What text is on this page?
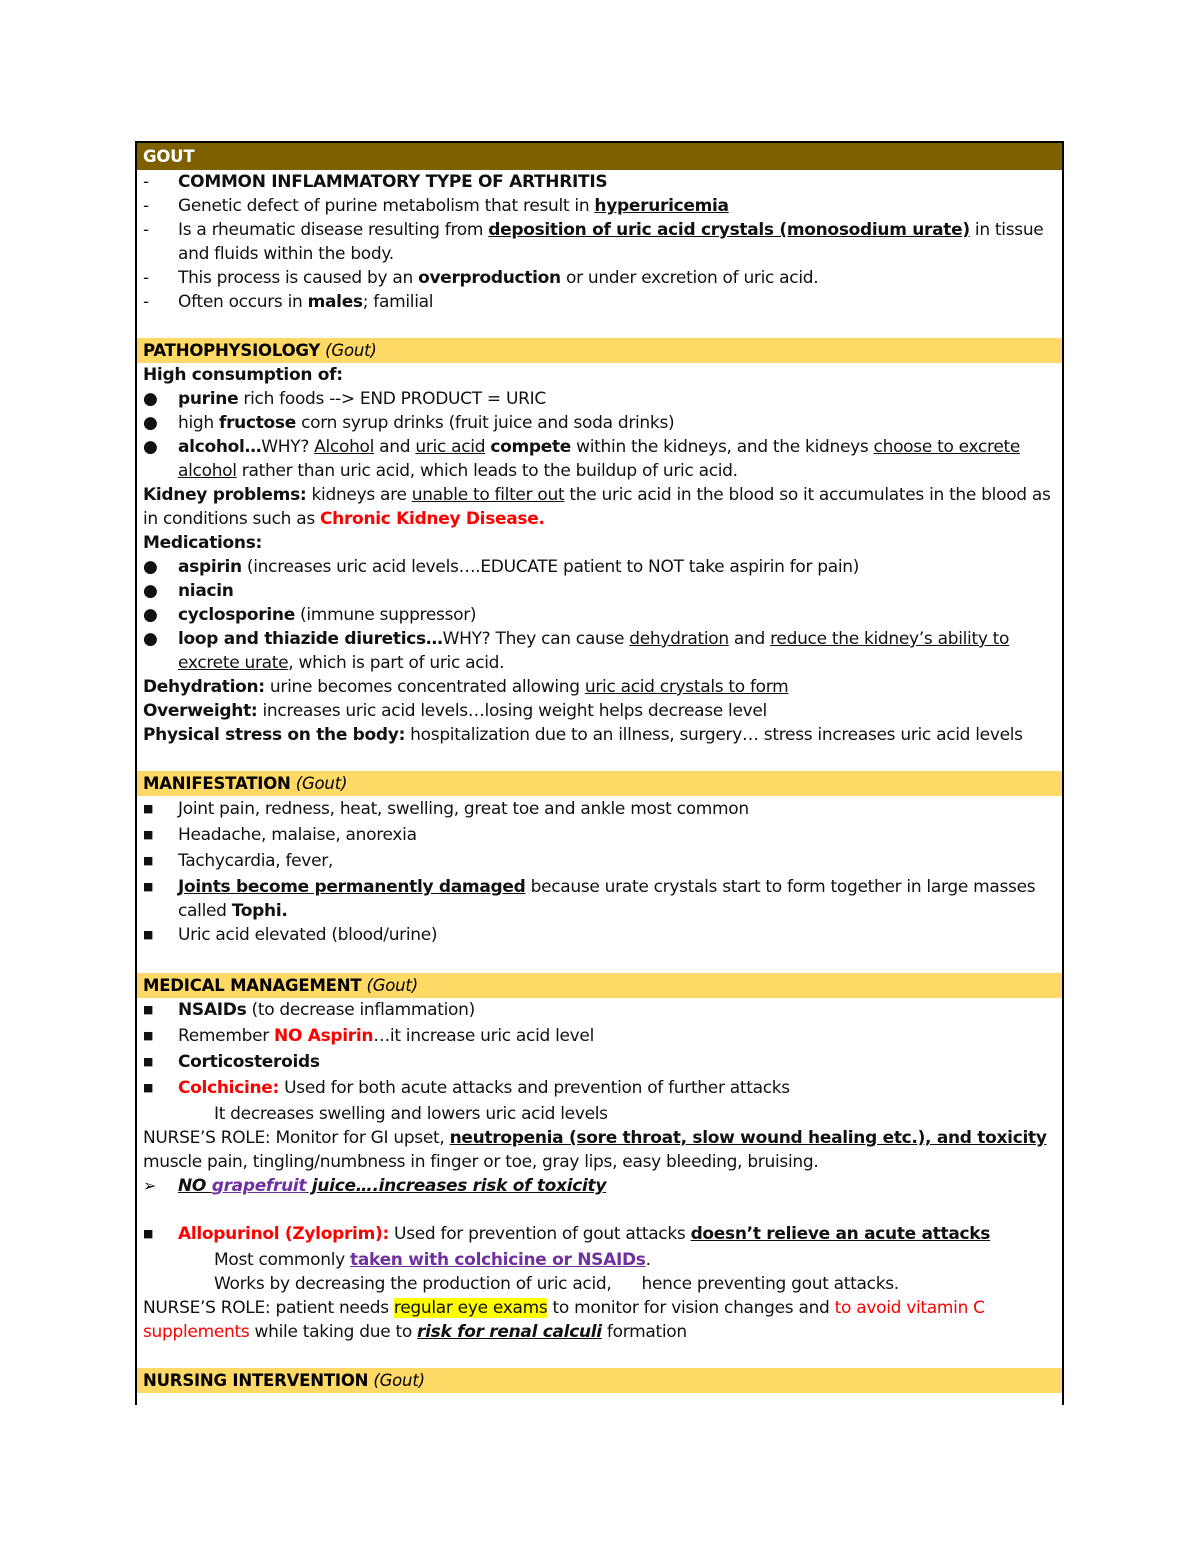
GOUT
-	COMMON INFLAMMATORY TYPE OF ARTHRITIS
-	Genetic defect of purine metabolism that result in hyperuricemia
-	Is a rheumatic disease resulting from deposition of uric acid crystals (monosodium urate) in tissue and fluids within the body.
-	This process is caused by an overproduction or under excretion of uric acid.
-	Often occurs in males; familial
PATHOPHYSIOLOGY (Gout)
High consumption of:
●	purine rich foods --> END PRODUCT = URIC
●	high fructose corn syrup drinks (fruit juice and soda drinks)
●	alcohol…WHY? Alcohol and uric acid compete within the kidneys, and the kidneys choose to excrete alcohol rather than uric acid, which leads to the buildup of uric acid.
Kidney problems: kidneys are unable to filter out the uric acid in the blood so it accumulates in the blood as in conditions such as Chronic Kidney Disease.
Medications:
●	aspirin (increases uric acid levels….EDUCATE patient to NOT take aspirin for pain)
●	niacin
●	cyclosporine (immune suppressor)
●	loop and thiazide diuretics…WHY? They can cause dehydration and reduce the kidney’s ability to excrete urate, which is part of uric acid.
Dehydration: urine becomes concentrated allowing uric acid crystals to form
Overweight: increases uric acid levels…losing weight helps decrease level
Physical stress on the body: hospitalization due to an illness, surgery… stress increases uric acid levels
MANIFESTATION (Gout)
■	Joint pain, redness, heat, swelling, great toe and ankle most common
■	Headache, malaise, anorexia
■	Tachycardia, fever,
■	Joints become permanently damaged because urate crystals start to form together in large masses called Tophi.
■	Uric acid elevated (blood/urine)
MEDICAL MANAGEMENT (Gout)
■	NSAIDs (to decrease inflammation)
■	Remember NO Aspirin…it increase uric acid level
■	Corticosteroids
■	Colchicine: Used for both acute attacks and prevention of further attacks
It decreases swelling and lowers uric acid levels
NURSE’S ROLE: Monitor for GI upset, neutropenia (sore throat, slow wound healing etc.), and toxicity muscle pain, tingling/numbness in finger or toe, gray lips, easy bleeding, bruising.
➢	NO grapefruit juice….increases risk of toxicity
■	Allopurinol (Zyloprim): Used for prevention of gout attacks doesn’t relieve an acute attacks
Most commonly taken with colchicine or NSAIDs.
Works by decreasing the production of uric acid, hence preventing gout attacks.
NURSE’S ROLE: patient needs regular eye exams to monitor for vision changes and to avoid vitamin C supplements while taking due to risk for renal calculi formation
NURSING INTERVENTION (Gout)
